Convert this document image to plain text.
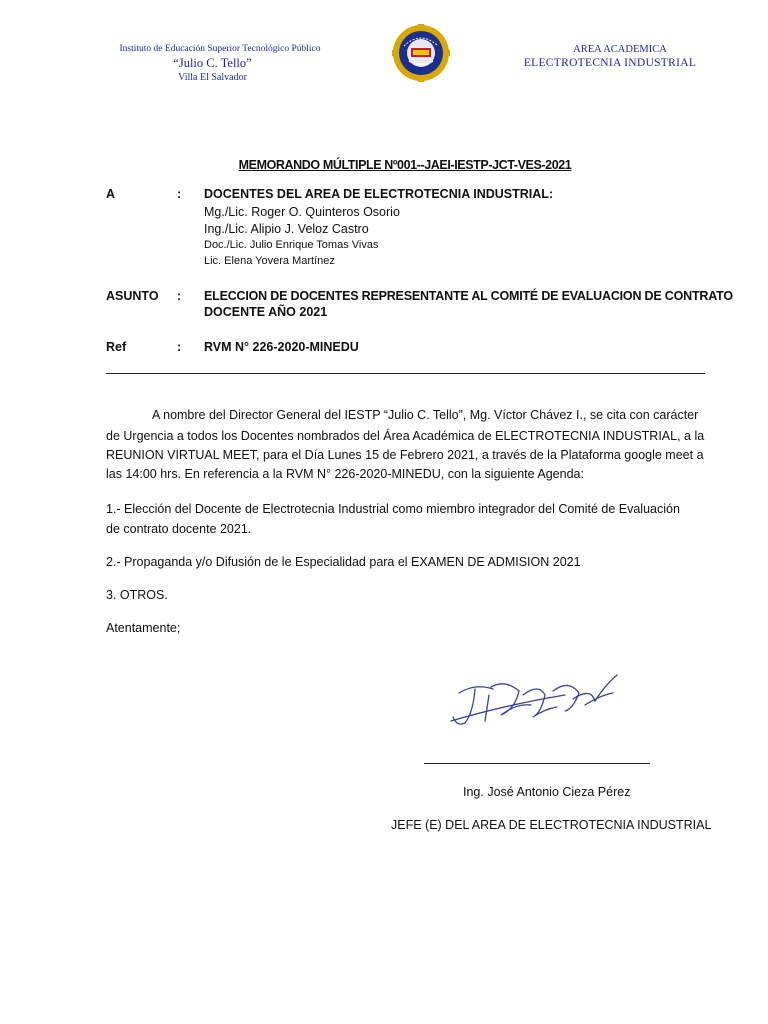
Instituto de Educación Superior Tecnológico Público
“Julio C. Tello”
Villa El Salvador
AREA ACADEMICA
ELECTROTECNIA INDUSTRIAL
MEMORANDO MÚLTIPLE Nº001--JAEI-IESTP-JCT-VES-2021
A	: DOCENTES DEL AREA DE ELECTROTECNIA INDUSTRIAL:
Mg./Lic. Roger O. Quinteros Osorio
Ing./Lic. Alipio J. Veloz Castro
Doc./Lic. Julio Enrique Tomas Vivas
Lic. Elena Yovera Martínez
ASUNTO : ELECCION DE DOCENTES REPRESENTANTE AL COMITÉ DE EVALUACION DE CONTRATO
DOCENTE AÑO 2021
Ref	: RVM N° 226-2020-MINEDU
A nombre del Director General del IESTP “Julio C. Tello”, Mg. Víctor Chávez I., se cita con carácter
de Urgencia a todos los Docentes nombrados del Área Académica de ELECTROTECNIA INDUSTRIAL, a la
REUNION VIRTUAL MEET, para el Día Lunes 15 de Febrero 2021, a través de la Plataforma google meet a
las 14:00 hrs. En referencia a la RVM N° 226-2020-MINEDU, con la siguiente Agenda:
1.- Elección del Docente de Electrotecnia Industrial como miembro integrador del Comité de Evaluación
de contrato docente 2021.
2.- Propaganda y/o Difusión de le Especialidad para el EXAMEN DE ADMISION 2021
3. OTROS.
Atentamente;
Ing. José Antonio Cieza Pérez
JEFE (E) DEL AREA DE ELECTROTECNIA INDUSTRIAL
